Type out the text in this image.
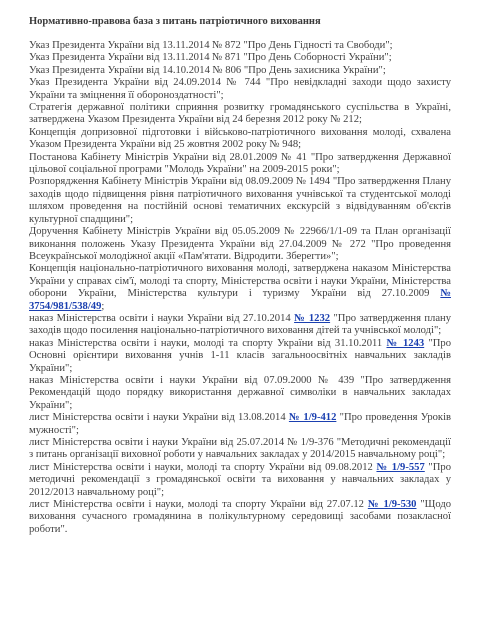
Нормативно-правова база з питань патріотичного виховання

Указ Президента України від 13.11.2014 № 872 "Про День Гідності та Свободи";

Указ Президента України від 13.11.2014 № 871 "Про День Соборності України";

Указ Президента України від 14.10.2014 № 806 "Про День захисника України";

Указ Президента України від 24.09.2014 № 744 "Про невідкладні заходи щодо захисту України та зміцнення її обороноздатності";

Стратегія державної політики сприяння розвитку громадянського суспільства в Україні, затверджена Указом Президента України від 24 березня 2012 року № 212;

Концепція допризовної підготовки і військово-патріотичного виховання молоді, схвалена Указом Президента України від 25 жовтня 2002 року № 948;

Постанова Кабінету Міністрів України від 28.01.2009 № 41 "Про затвердження Державної цільової соціальної програми "Молодь України" на 2009-2015 роки";

Розпорядження Кабінету Міністрів України від 08.09.2009 № 1494 "Про затвердження Плану заходів щодо підвищення рівня патріотичного виховання учнівської та студентської молоді шляхом проведення на постійній основі тематичних екскурсій з відвідуванням об'єктів культурної спадщини";

Доручення Кабінету Міністрів України від 05.05.2009 № 22966/1/1-09 та План організації виконання положень Указу Президента України від 27.04.2009 № 272 "Про проведення Всеукраїнської молодіжної акції «Пам'ятати. Відродити. Зберегти»";

Концепція національно-патріотичного виховання молоді, затверджена наказом Міністерства України у справах сім'ї, молоді та спорту, Міністерства освіти і науки України, Міністерства оборони України, Міністерства культури і туризму України від 27.10.2009 № 3754/981/538/49;

наказ Міністерства освіти і науки України від 27.10.2014 № 1232 "Про затвердження плану заходів щодо посилення національно-патріотичного виховання дітей та учнівської молоді";

наказ Міністерства освіти і науки, молоді та спорту України від 31.10.2011 № 1243 "Про Основні орієнтири виховання учнів 1-11 класів загальноосвітніх навчальних закладів України";

наказ Міністерства освіти і науки України від 07.09.2000 № 439 "Про затвердження Рекомендацій щодо порядку використання державної символіки в навчальних закладах України";

лист Міністерства освіти і науки України від 13.08.2014 № 1/9-412 "Про проведення Уроків мужності";

лист Міністерства освіти і науки України від 25.07.2014 № 1/9-376 "Методичні рекомендації з питань організації виховної роботи у навчальних закладах у 2014/2015 навчальному році";

лист Міністерства освіти і науки, молоді та спорту України від 09.08.2012 № 1/9-557 "Про методичні рекомендації з громадянської освіти та виховання у навчальних закладах у 2012/2013 навчальному році";

лист Міністерства освіти і науки, молоді та спорту України від 27.07.12 № 1/9-530 "Щодо виховання сучасного громадянина в полікультурному середовищі засобами позакласної роботи".
